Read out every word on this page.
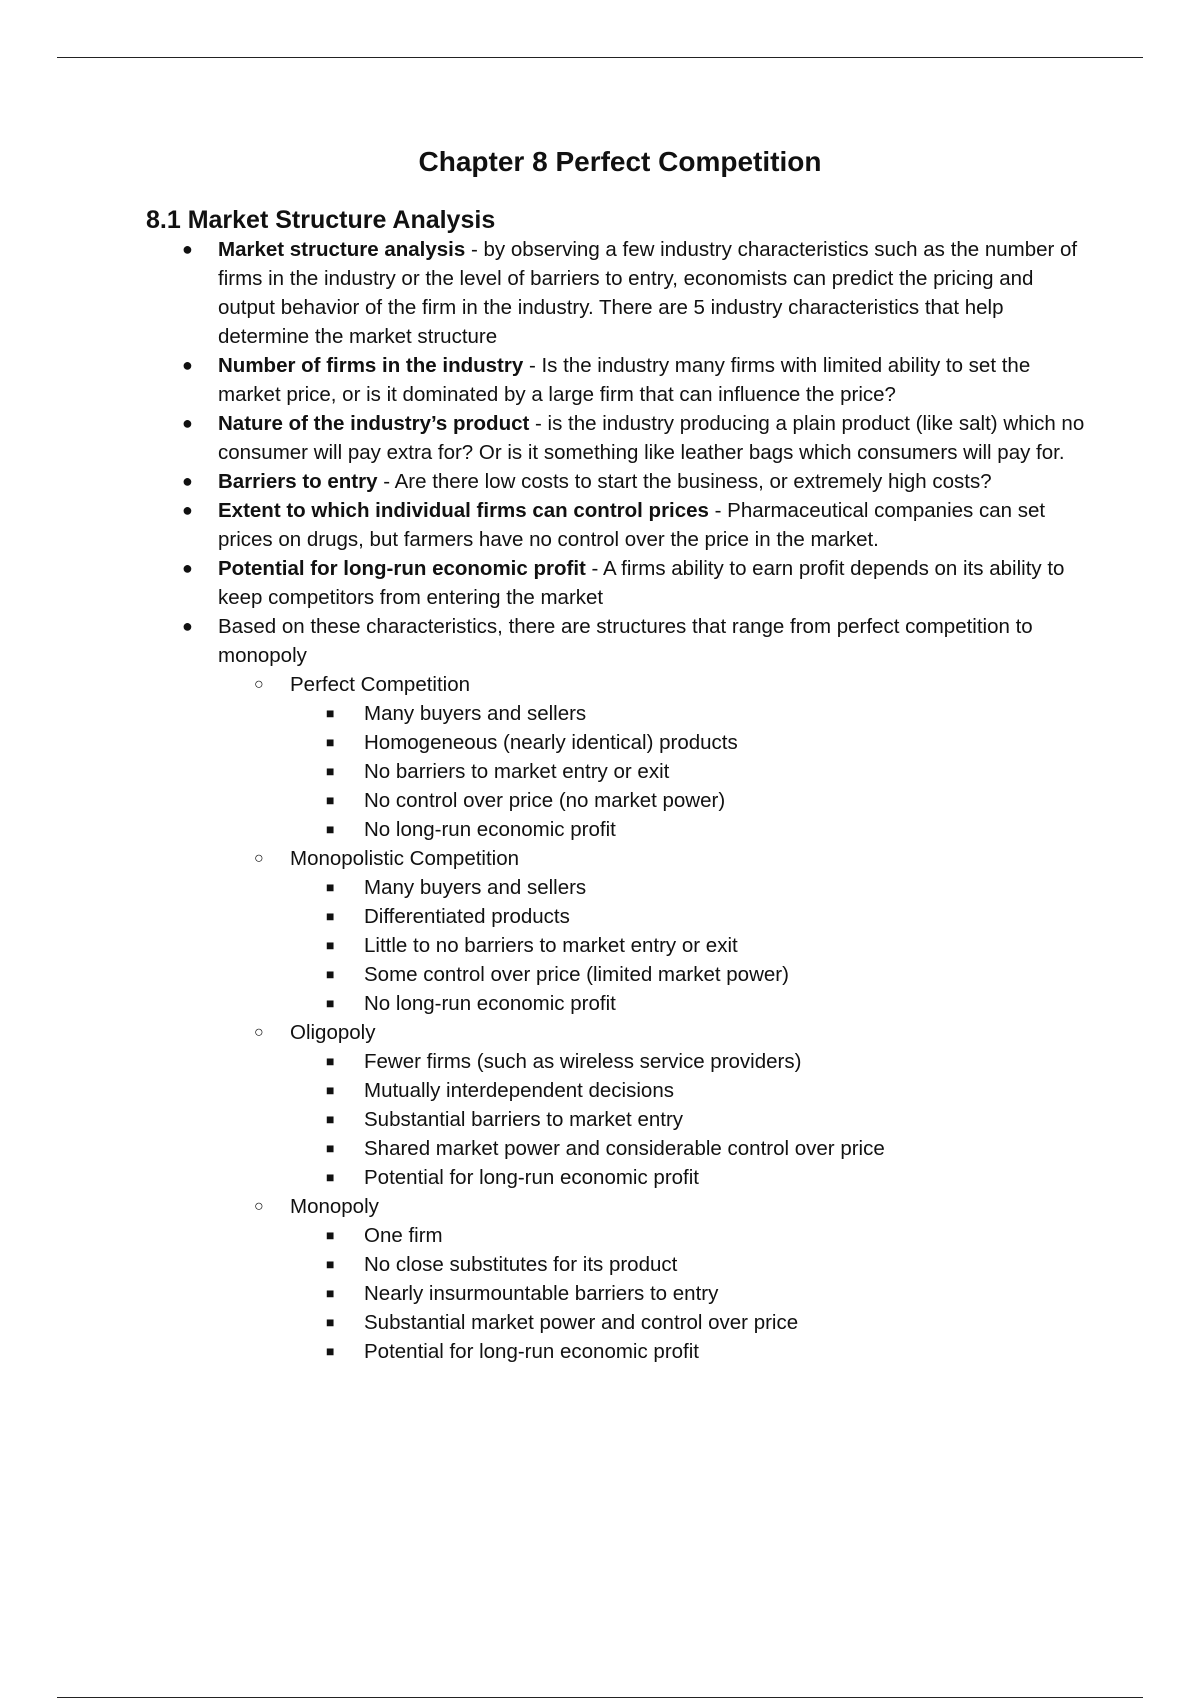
Chapter 8 Perfect Competition
8.1 Market Structure Analysis
● Market structure analysis - by observing a few industry characteristics such as the number of firms in the industry or the level of barriers to entry, economists can predict the pricing and output behavior of the firm in the industry. There are 5 industry characteristics that help determine the market structure
● Number of firms in the industry - Is the industry many firms with limited ability to set the market price, or is it dominated by a large firm that can influence the price?
● Nature of the industry’s product - is the industry producing a plain product (like salt) which no consumer will pay extra for? Or is it something like leather bags which consumers will pay for.
● Barriers to entry - Are there low costs to start the business, or extremely high costs?
● Extent to which individual firms can control prices - Pharmaceutical companies can set prices on drugs, but farmers have no control over the price in the market.
● Potential for long-run economic profit - A firms ability to earn profit depends on its ability to keep competitors from entering the market
● Based on these characteristics, there are structures that range from perfect competition to monopoly
○ Perfect Competition
■ Many buyers and sellers
■ Homogeneous (nearly identical) products
■ No barriers to market entry or exit
■ No control over price (no market power)
■ No long-run economic profit
○ Monopolistic Competition
■ Many buyers and sellers
■ Differentiated products
■ Little to no barriers to market entry or exit
■ Some control over price (limited market power)
■ No long-run economic profit
○ Oligopoly
■ Fewer firms (such as wireless service providers)
■ Mutually interdependent decisions
■ Substantial barriers to market entry
■ Shared market power and considerable control over price
■ Potential for long-run economic profit
○ Monopoly
■ One firm
■ No close substitutes for its product
■ Nearly insurmountable barriers to entry
■ Substantial market power and control over price
■ Potential for long-run economic profit
